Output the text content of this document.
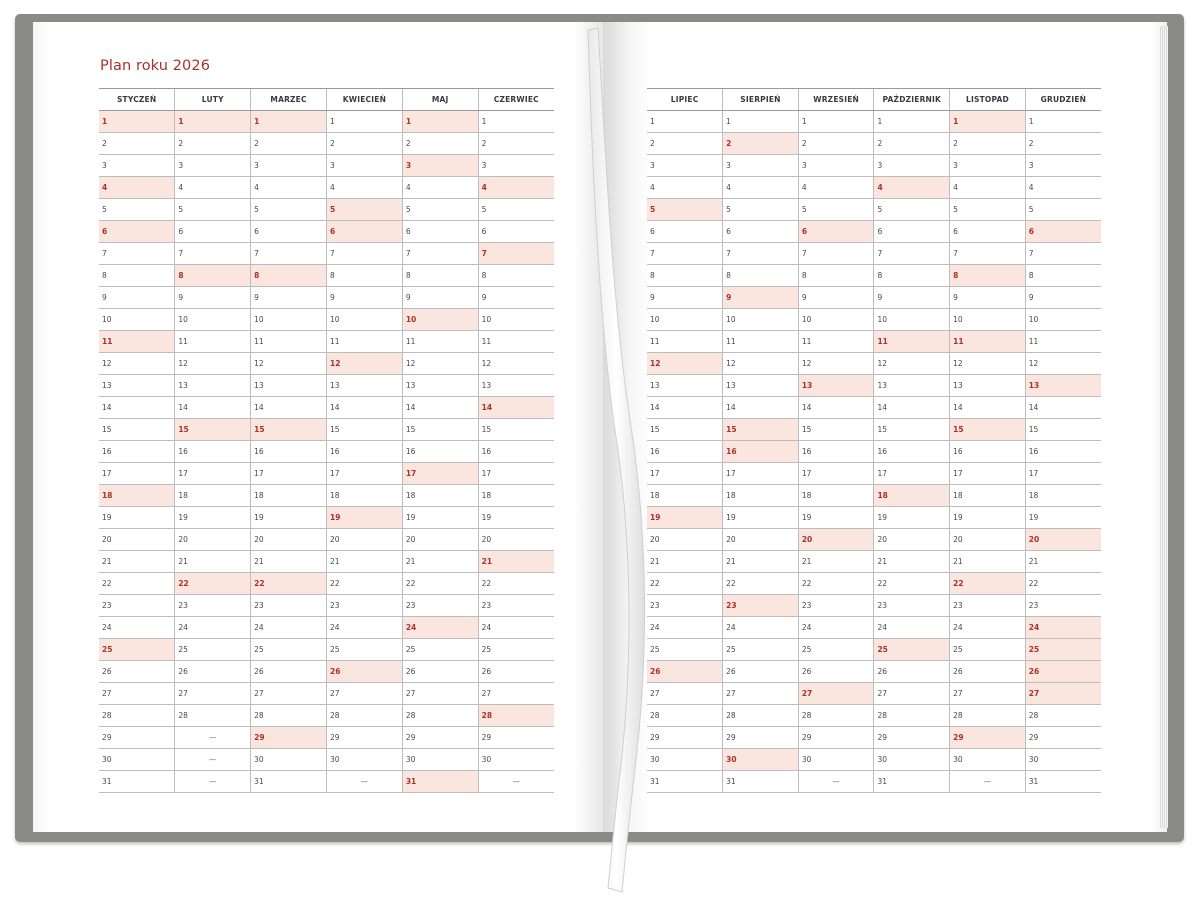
Plan roku 2026
STYCZEŃ	LUTY	MARZEC	KWIECIEŃ	MAJ	CZERWIEC
1	1	1	1	1	1
2	2	2	2	2	2
3	3	3	3	3	3
4	4	4	4	4	4
5	5	5	5	5	5
6	6	6	6	6	6
7	7	7	7	7	7
8	8	8	8	8	8
9	9	9	9	9	9
10	10	10	10	10	10
11	11	11	11	11	11
12	12	12	12	12	12
13	13	13	13	13	13
14	14	14	14	14	14
15	15	15	15	15	15
16	16	16	16	16	16
17	17	17	17	17	17
18	18	18	18	18	18
19	19	19	19	19	19
20	20	20	20	20	20
21	21	21	21	21	21
22	22	22	22	22	22
23	23	23	23	23	23
24	24	24	24	24	24
25	25	25	25	25	25
26	26	26	26	26	26
27	27	27	27	27	27
28	28	28	28	28	28
29	—	29	29	29	29
30	—	30	30	30	30
31	—	31	—	31	—
LIPIEC	SIERPIEŃ	WRZESIEŃ	PAŹDZIERNIK	LISTOPAD	GRUDZIEŃ
1	1	1	1	1	1
2	2	2	2	2	2
3	3	3	3	3	3
4	4	4	4	4	4
5	5	5	5	5	5
6	6	6	6	6	6
7	7	7	7	7	7
8	8	8	8	8	8
9	9	9	9	9	9
10	10	10	10	10	10
11	11	11	11	11	11
12	12	12	12	12	12
13	13	13	13	13	13
14	14	14	14	14	14
15	15	15	15	15	15
16	16	16	16	16	16
17	17	17	17	17	17
18	18	18	18	18	18
19	19	19	19	19	19
20	20	20	20	20	20
21	21	21	21	21	21
22	22	22	22	22	22
23	23	23	23	23	23
24	24	24	24	24	24
25	25	25	25	25	25
26	26	26	26	26	26
27	27	27	27	27	27
28	28	28	28	28	28
29	29	29	29	29	29
30	30	30	30	30	30
31	31	—	31	—	31
